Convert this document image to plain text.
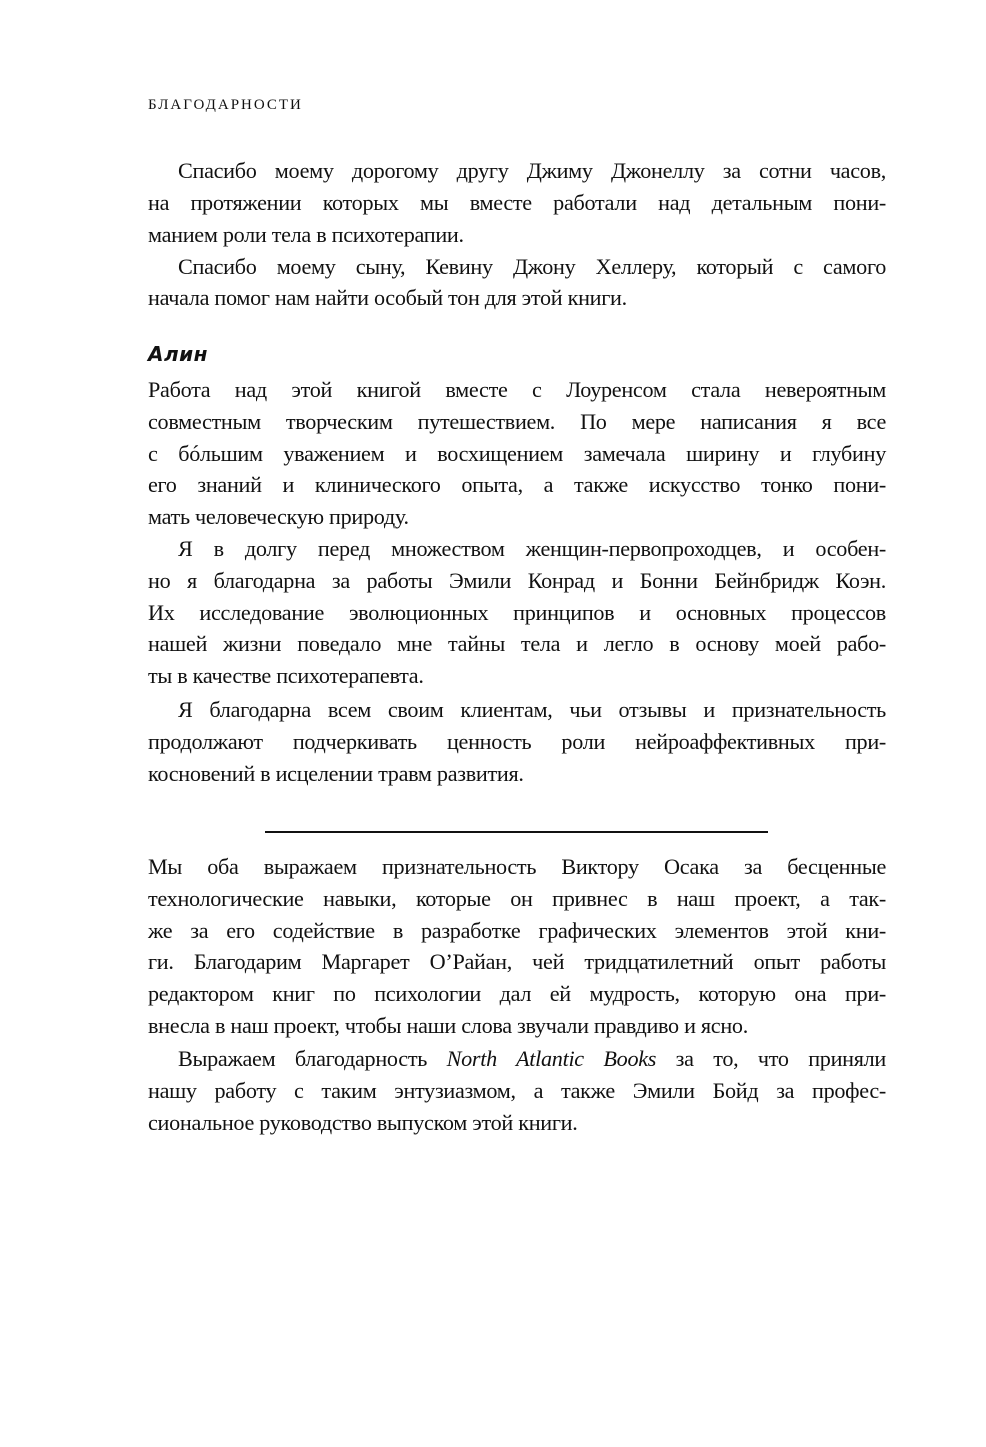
БЛАГОДАРНОСТИ
Спасибо моему дорогому другу Джиму Джонеллу за сотни часов,
на протяжении которых мы вместе работали над детальным пони-
манием роли тела в психотерапии.
Спасибо моему сыну, Кевину Джону Хеллеру, который с самого
начала помог нам найти особый тон для этой книги.
Алин
Работа над этой книгой вместе с Лоуренсом стала невероятным
совместным творческим путешествием. По мере написания я все
с бóльшим уважением и восхищением замечала ширину и глубину
его знаний и клинического опыта, а также искусство тонко пони-
мать человеческую природу.
Я в долгу перед множеством женщин-первопроходцев, и особен-
но я благодарна за работы Эмили Конрад и Бонни Бейнбридж Коэн.
Их исследование эволюционных принципов и основных процессов
нашей жизни поведало мне тайны тела и легло в основу моей рабо-
ты в качестве психотерапевта.
Я благодарна всем своим клиентам, чьи отзывы и признательность
продолжают подчеркивать ценность роли нейроаффективных при-
косновений в исцелении травм развития.
Мы оба выражаем признательность Виктору Осака за бесценные
технологические навыки, которые он привнес в наш проект, а так-
же за его содействие в разработке графических элементов этой кни-
ги. Благодарим Маргарет О’Райан, чей тридцатилетний опыт работы
редактором книг по психологии дал ей мудрость, которую она при-
внесла в наш проект, чтобы наши слова звучали правдиво и ясно.
Выражаем благодарность North Atlantic Books за то, что приняли
нашу работу с таким энтузиазмом, а также Эмили Бойд за профес-
сиональное руководство выпуском этой книги.
